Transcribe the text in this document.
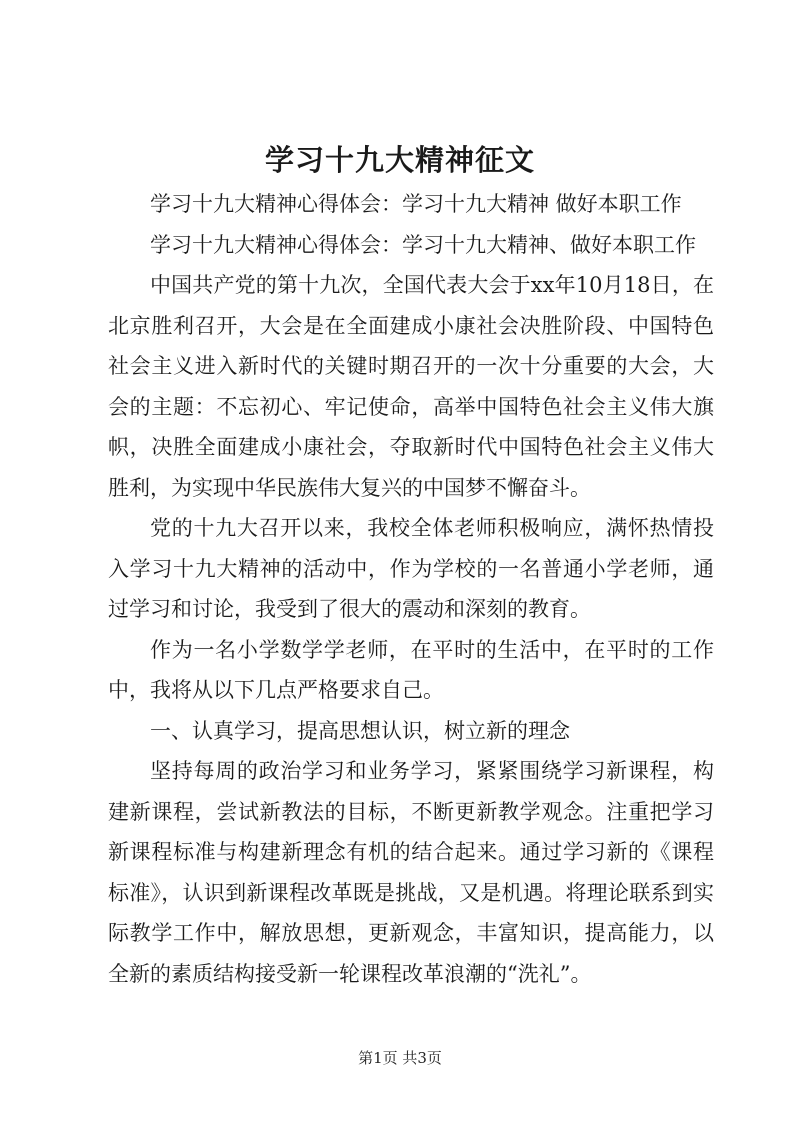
学习十九大精神征文

学习十九大精神心得体会：学习十九大精神 做好本职工作

学习十九大精神心得体会：学习十九大精神、做好本职工作

中国共产党的第十九次，全国代表大会于xx年10月18日，在北京胜利召开，大会是在全面建成小康社会决胜阶段、中国特色社会主义进入新时代的关键时期召开的一次十分重要的大会，大会的主题：不忘初心、牢记使命，高举中国特色社会主义伟大旗帜，决胜全面建成小康社会，夺取新时代中国特色社会主义伟大胜利，为实现中华民族伟大复兴的中国梦不懈奋斗。

党的十九大召开以来，我校全体老师积极响应，满怀热情投入学习十九大精神的活动中，作为学校的一名普通小学老师，通过学习和讨论，我受到了很大的震动和深刻的教育。

作为一名小学数学学老师，在平时的生活中，在平时的工作中，我将从以下几点严格要求自己。

一、认真学习，提高思想认识，树立新的理念

坚持每周的政治学习和业务学习，紧紧围绕学习新课程，构建新课程，尝试新教法的目标，不断更新教学观念。注重把学习新课程标准与构建新理念有机的结合起来。通过学习新的《课程标准》，认识到新课程改革既是挑战，又是机遇。将理论联系到实际教学工作中，解放思想，更新观念，丰富知识，提高能力，以全新的素质结构接受新一轮课程改革浪潮的“洗礼”。

第1页 共3页
